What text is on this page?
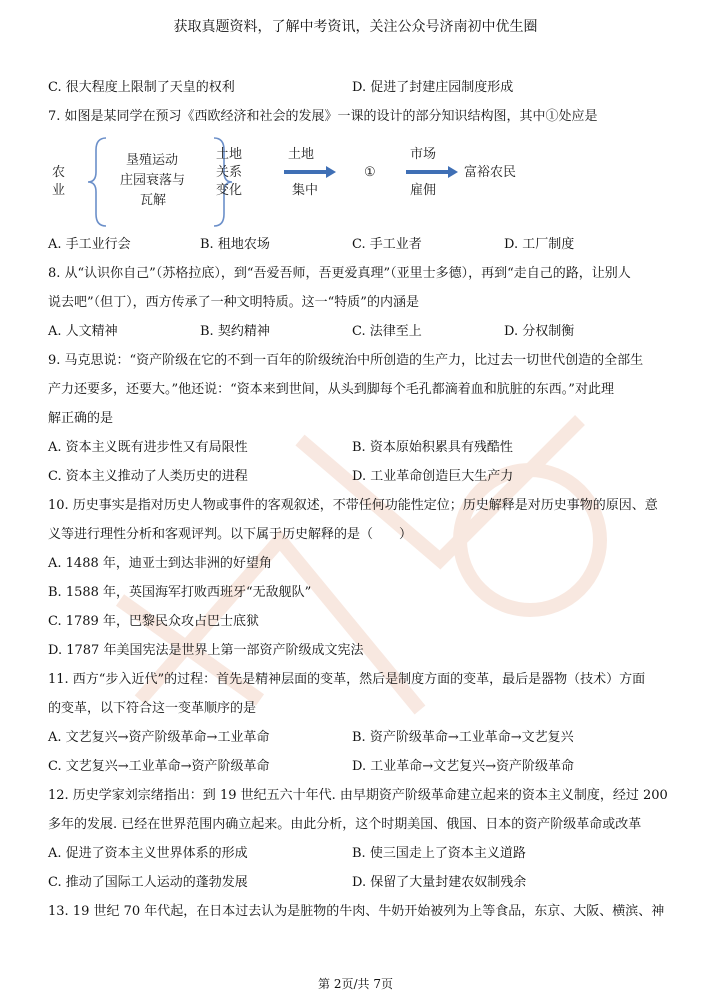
获取真题资料，了解中考资讯，关注公众号济南初中优生圈
C. 很大程度上限制了天皇的权利	D. 促进了封建庄园制度形成
7. 如图是某同学在预习《西欧经济和社会的发展》一课的设计的部分知识结构图，其中①处应是
农
业
垦殖运动
庄园衰落与
瓦解
土地
关系
变化
土地
集中
①
市场
雇佣
富裕农民
A. 手工业行会	B. 租地农场	C. 手工业者	D. 工厂制度
8. 从“认识你自己”（苏格拉底），到“吾爱吾师，吾更爱真理”（亚里士多德），再到“走自己的路，让别人
说去吧”（但丁），西方传承了一种文明特质。这一“特质”的内涵是
A. 人文精神	B. 契约精神	C. 法律至上	D. 分权制衡
9. 马克思说：“资产阶级在它的不到一百年的阶级统治中所创造的生产力，比过去一切世代创造的全部生
产力还要多，还要大。”他还说：“资本来到世间，从头到脚每个毛孔都滴着血和肮脏的东西。”对此理
解正确的是
A. 资本主义既有进步性又有局限性	B. 资本原始积累具有残酷性
C. 资本主义推动了人类历史的进程	D. 工业革命创造巨大生产力
10. 历史事实是指对历史人物或事件的客观叙述，不带任何功能性定位；历史解释是对历史事物的原因、意
义等进行理性分析和客观评判。以下属于历史解释的是（　　）
A. 1488 年，迪亚士到达非洲的好望角
B. 1588 年，英国海军打败西班牙“无敌舰队”
C. 1789 年，巴黎民众攻占巴士底狱
D. 1787 年美国宪法是世界上第一部资产阶级成文宪法
11. 西方“步入近代”的过程：首先是精神层面的变革，然后是制度方面的变革，最后是器物（技术）方面
的变革，以下符合这一变革顺序的是
A. 文艺复兴→资产阶级革命→工业革命	B. 资产阶级革命→工业革命→文艺复兴
C. 文艺复兴→工业革命→资产阶级革命	D. 工业革命→文艺复兴→资产阶级革命
12. 历史学家刘宗绪指出：到 19 世纪五六十年代. 由早期资产阶级革命建立起来的资本主义制度，经过 200
多年的发展. 已经在世界范围内确立起来。由此分析，这个时期美国、俄国、日本的资产阶级革命或改革
A. 促进了资本主义世界体系的形成	B. 使三国走上了资本主义道路
C. 推动了国际工人运动的蓬勃发展	D. 保留了大量封建农奴制残余
13. 19 世纪 70 年代起，在日本过去认为是脏物的牛肉、牛奶开始被列为上等食品，东京、大阪、横滨、神
第 2页/共 7页
